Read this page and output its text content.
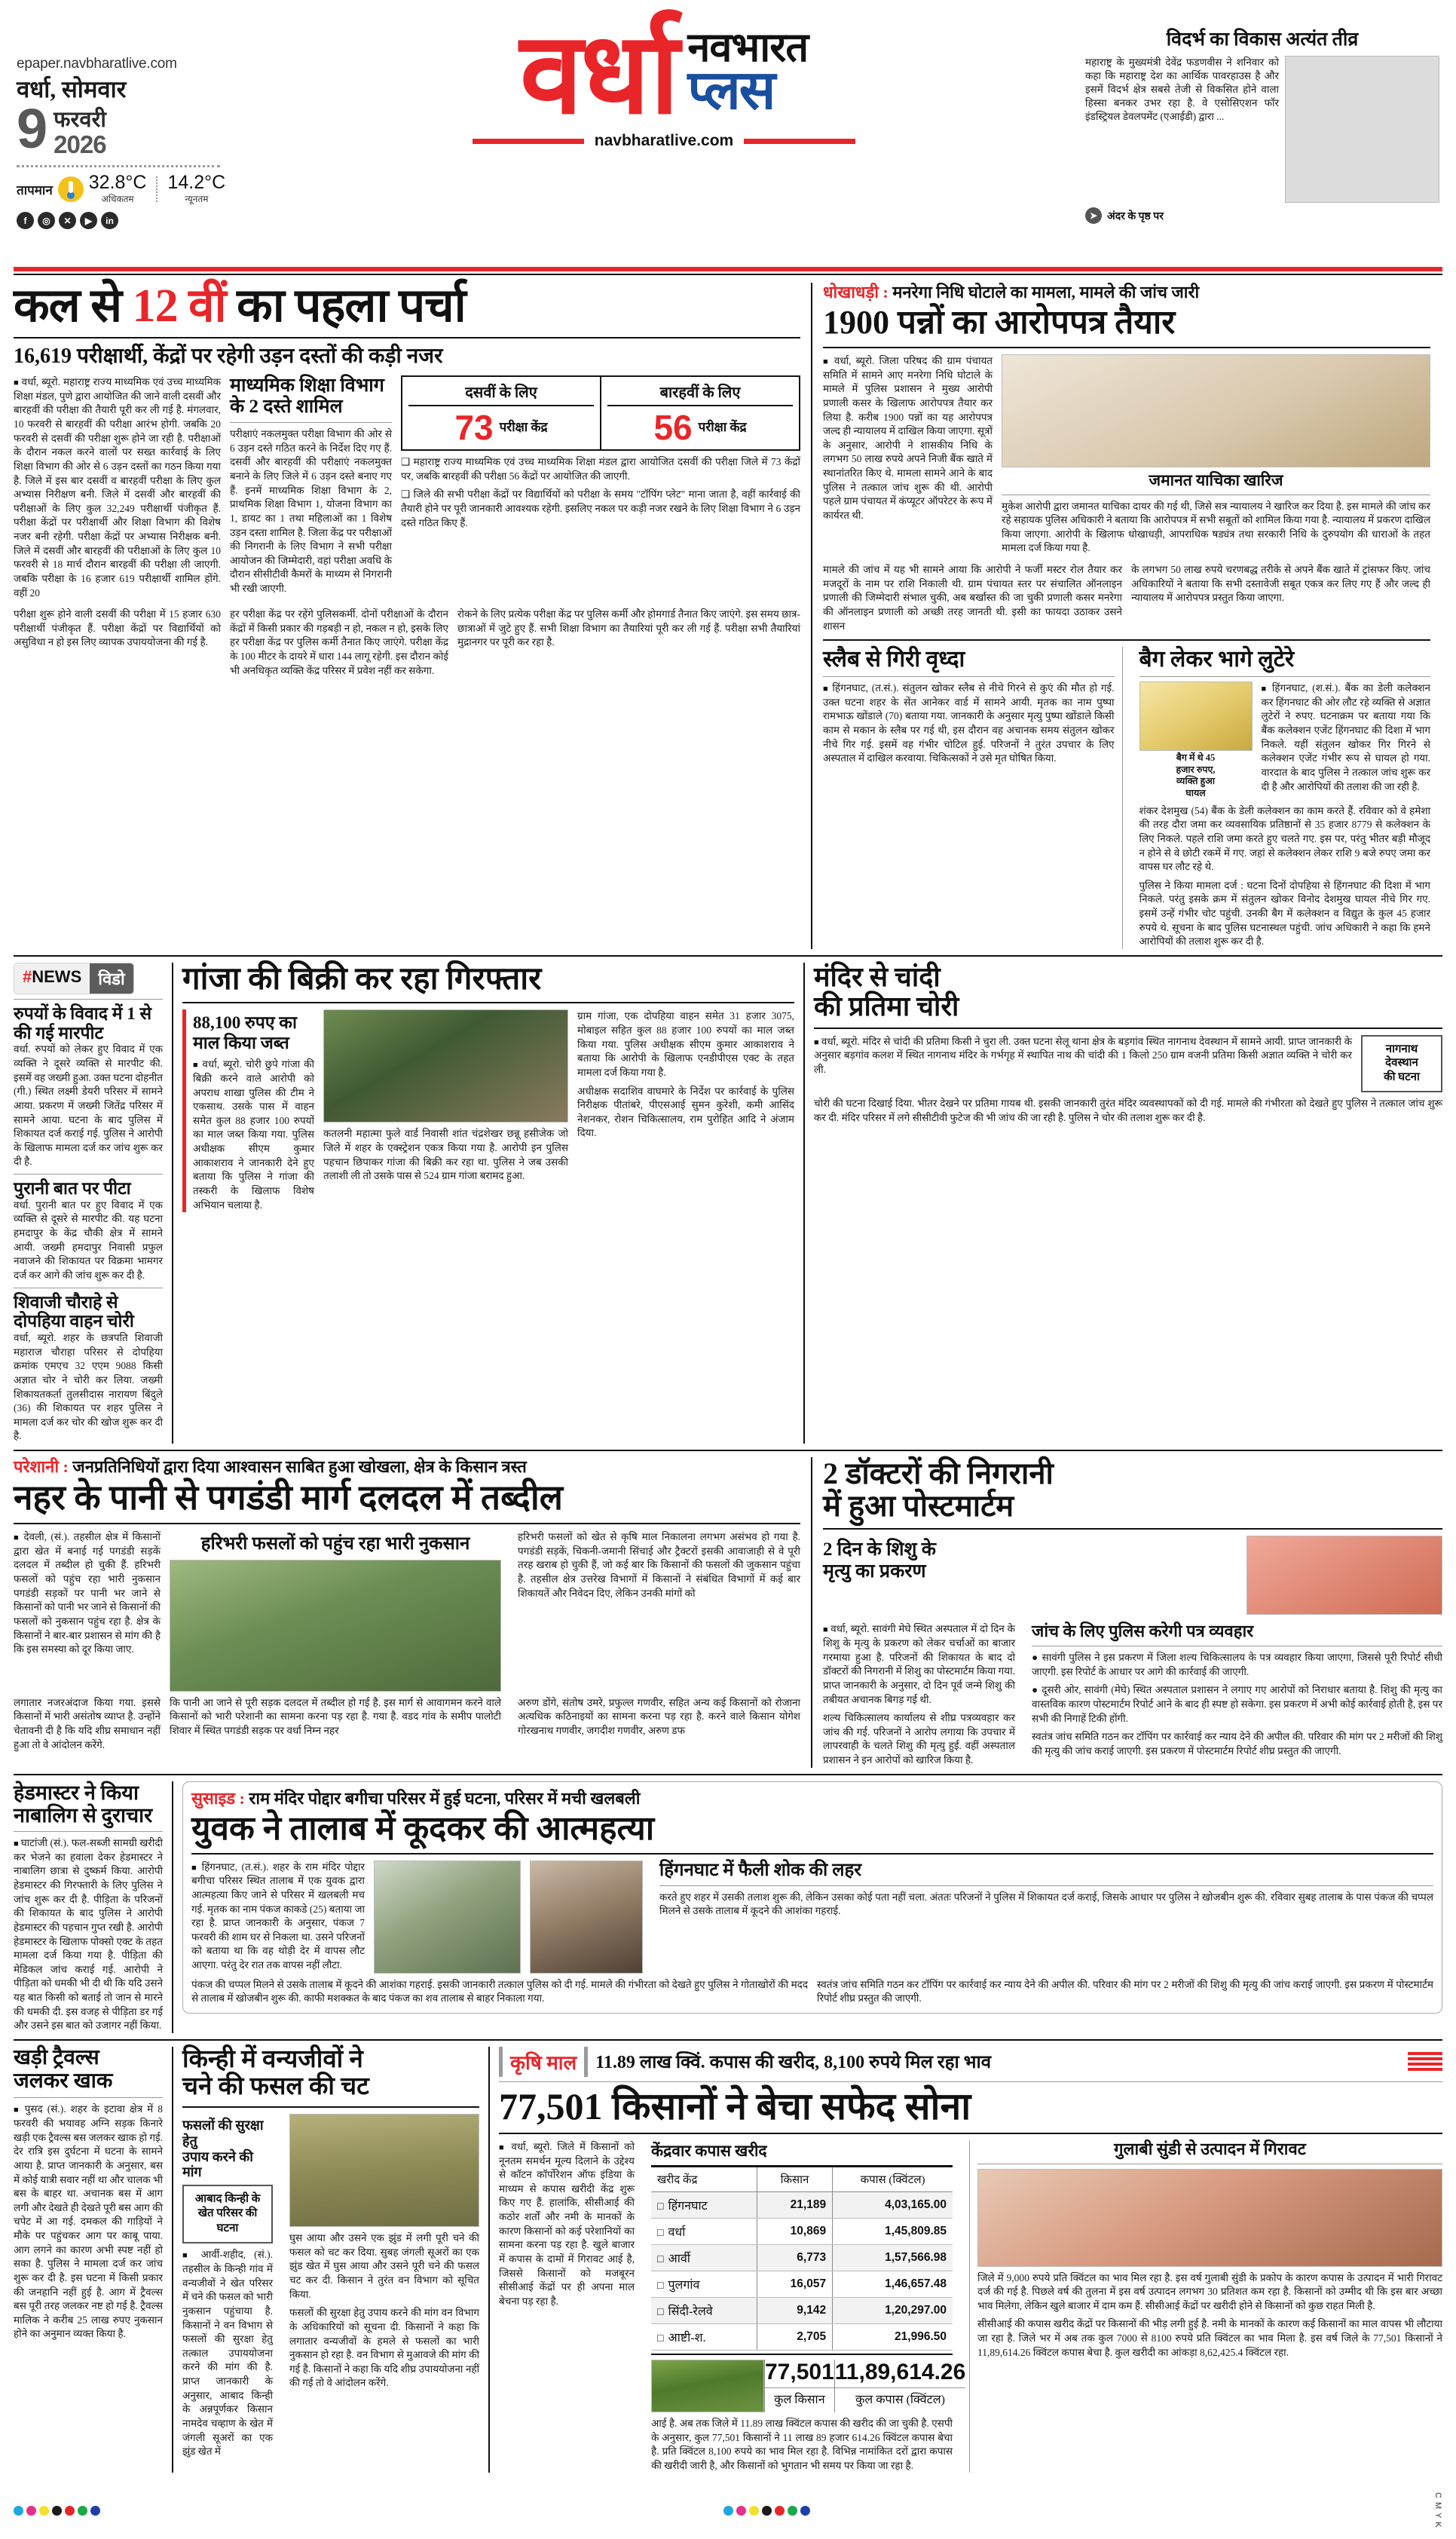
epaper.navbharatlive.com
वर्धा, सोमवार
9 फरवरी
2026
तापमान 32.8°C
अधिकतम
14.2°C
न्यूनतम
f	◎	✕	▶	in
वर्धा नवभारत
प्लस
navbharatlive.com
विदर्भ का विकास अत्यंत तीव्र
महाराष्ट्र के मुख्यमंत्री देवेंद्र फडणवीस ने शनिवार को कहा कि महाराष्ट्र देश का आर्थिक पावरहाउस है और इसमें विदर्भ क्षेत्र सबसे तेजी से विकसित होने वाला हिस्सा बनकर उभर रहा है. वे एसोसिएशन फॉर इंडस्ट्रियल डेवलपमेंट (एआईडी) द्वारा ...
➤ अंदर के पृष्ठ पर
कल से 12 वीं का पहला पर्चा
16,619 परीक्षार्थी, केंद्रों पर रहेगी उड़न दस्तों की कड़ी नजर
■ वर्धा, ब्यूरो. महाराष्ट्र राज्य माध्यमिक एवं उच्च माध्यमिक शिक्षा मंडल, पुणे द्वारा आयोजित की जाने वाली दसवीं और बारहवीं की परीक्षा की तैयारी पूरी कर ली गई है. मंगलवार, 10 फरवरी से बारहवीं की परीक्षा आरंभ होगी. जबकि 20 फरवरी से दसवीं की परीक्षा शुरू होने जा रही है. परीक्षाओं के दौरान नकल करने वालों पर सख्त कार्रवाई के लिए शिक्षा विभाग की ओर से 6 उड़न दस्तों का गठन किया गया है. जिले में इस बार दसवीं व बारहवीं परीक्षा के लिए कुल अभ्यास निरीक्षण बनी. जिले में दसवीं और बारहवीं की परीक्षाओं के लिए कुल 32,249 परीक्षार्थी पंजीकृत हैं. परीक्षा केंद्रों पर परीक्षार्थी और शिक्षा विभाग की विशेष नजर बनी रहेगी. परीक्षा केंद्रों पर अभ्यास निरीक्षक बनी. जिले में दसवीं और बारहवीं की परीक्षाओं के लिए कुल 10 फरवरी से 18 मार्च दौरान बारहवीं की परीक्षा ली जाएगी. जबकि परीक्षा के 16 हजार 619 परीक्षार्थी शामिल होंगे. वहीं 20
माध्यमिक शिक्षा विभाग के 2 दस्ते शामिल
परीक्षाएं नकलमुक्त परीक्षा विभाग की ओर से 6 उड़न दस्ते गठित करने के निर्देश दिए गए हैं. दसवीं और बारहवीं की परीक्षाएं नकलमुक्त बनाने के लिए जिले में 6 उड़न दस्ते बनाए गए हैं. इनमें माध्यमिक शिक्षा विभाग के 2, प्राथमिक शिक्षा विभाग 1, योजना विभाग का 1, डायट का 1 तथा महिलाओं का 1 विशेष उड़न दस्ता शामिल है. जिला केंद्र पर परीक्षाओं की निगरानी के लिए विभाग ने सभी परीक्षा आयोजन की जिम्मेदारी, वहां परीक्षा अवधि के दौरान सीसीटीवी कैमरों के माध्यम से निगरानी भी रखी जाएगी.
दसवीं के लिए
73 परीक्षा केंद्र
बारहवीं के लिए
56 परीक्षा केंद्र
❑ महाराष्ट्र राज्य माध्यमिक एवं उच्च माध्यमिक शिक्षा मंडल द्वारा आयोजित दसवीं की परीक्षा जिले में 73 केंद्रों पर, जबकि बारहवीं की परीक्षा 56 केंद्रों पर आयोजित की जाएगी.
❑ जिले की सभी परीक्षा केंद्रों पर विद्यार्थियों को परीक्षा के समय "टॉपिंग प्लेट" माना जाता है, वहीं कार्रवाई की तैयारी होने पर पूरी जानकारी आवश्यक रहेगी. इसलिए नकल पर कड़ी नजर रखने के लिए शिक्षा विभाग ने 6 उड़न दस्ते गठित किए हैं.
परीक्षा शुरू होने वाली दसवीं की परीक्षा में 15 हजार 630 परीक्षार्थी पंजीकृत हैं. परीक्षा केंद्रों पर विद्यार्थियों को असुविधा न हो इस लिए व्यापक उपाययोजना की गई है.
हर परीक्षा केंद्र पर रहेंगे पुलिसकर्मी. दोनों परीक्षाओं के दौरान केंद्रों में किसी प्रकार की गड़बड़ी न हो, नकल न हो, इसके लिए हर परीक्षा केंद्र पर पुलिस कर्मी तैनात किए जाएंगे. परीक्षा केंद्र के 100 मीटर के दायरे में धारा 144 लागू रहेगी. इस दौरान कोई भी अनधिकृत व्यक्ति केंद्र परिसर में प्रवेश नहीं कर सकेगा.
रोकने के लिए प्रत्येक परीक्षा केंद्र पर पुलिस कर्मी और होमगार्ड तैनात किए जाएंगे. इस समय छात्र-छात्राओं में जुटे हुए हैं. सभी शिक्षा विभाग का तैयारियां पूरी कर ली गई हैं. परीक्षा सभी तैयारियां मुद्रानगर पर पूरी कर रहा है.
धोखाधड़ी : मनरेगा निधि घोटाले का मामला, मामले की जांच जारी
1900 पन्नों का आरोपपत्र तैयार
■ वर्धा, ब्यूरो. जिला परिषद की ग्राम पंचायत समिति में सामने आए मनरेगा निधि घोटाले के मामले में पुलिस प्रशासन ने मुख्य आरोपी प्रणाली कसर के खिलाफ आरोपपत्र तैयार कर लिया है. करीब 1900 पन्नों का यह आरोपपत्र जल्द ही न्यायालय में दाखिल किया जाएगा. सूत्रों के अनुसार, आरोपी ने शासकीय निधि के लगभग 50 लाख रुपये अपने निजी बैंक खाते में स्थानांतरित किए थे. मामला सामने आने के बाद पुलिस ने तत्काल जांच शुरू की थी. आरोपी पहले ग्राम पंचायत में कंप्यूटर ऑपरेटर के रूप में कार्यरत थी.
जमानत याचिका खारिज
मुकेश आरोपी द्वारा जमानत याचिका दायर की गई थी, जिसे सत्र न्यायालय ने खारिज कर दिया है. इस मामले की जांच कर रहे सहायक पुलिस अधिकारी ने बताया कि आरोपपत्र में सभी सबूतों को शामिल किया गया है. न्यायालय में प्रकरण दाखिल किया जाएगा. आरोपी के खिलाफ धोखाधड़ी, आपराधिक षड्यंत्र तथा सरकारी निधि के दुरुपयोग की धाराओं के तहत मामला दर्ज किया गया है.
मामले की जांच में यह भी सामने आया कि आरोपी ने फर्जी मस्टर रोल तैयार कर मजदूरों के नाम पर राशि निकाली थी. ग्राम पंचायत स्तर पर संचालित ऑनलाइन प्रणाली की जिम्मेदारी संभाल चुकी, अब बर्खास्त की जा चुकी प्रणाली कसर मनरेगा की ऑनलाइन प्रणाली को अच्छी तरह जानती थी. इसी का फायदा उठाकर उसने शासन
के लगभग 50 लाख रुपये चरणबद्ध तरीके से अपने बैंक खाते में ट्रांसफर किए. जांच अधिकारियों ने बताया कि सभी दस्तावेजी सबूत एकत्र कर लिए गए हैं और जल्द ही न्यायालय में आरोपपत्र प्रस्तुत किया जाएगा.
स्लैब से गिरी वृध्दा
■ हिंगनघाट, (त.सं.). संतुलन खोकर स्लैब से नीचे गिरने से कुएं की मौत हो गई. उक्त घटना शहर के सेंत आनेकर वार्ड में सामने आयी. मृतक का नाम पुष्पा रामभाऊ खोंडाले (70) बताया गया. जानकारी के अनुसार मृत्यु पुष्पा खोंडाले किसी काम से मकान के स्लैब पर गई थी, इस दौरान वह अचानक समय संतुलन खोकर नीचे गिर गई. इसमें वह गंभीर चोटिल हुई. परिजनों ने तुरंत उपचार के लिए अस्पताल में दाखिल करवाया. चिकित्सकों ने उसे मृत घोषित किया.
बैग लेकर भागे लुटेरे
बैग में थे 45
हजार रुपए,
व्यक्ति हुआ
घायल
■ हिंगनघाट, (श.सं.). बैंक का डेली कलेक्शन कर हिंगनघाट की ओर लौट रहे व्यक्ति से अज्ञात लुटेरों ने रुपए. घटनाक्रम पर बताया गया कि बैंक कलेक्शन एजेंट हिंगनघाट की दिशा में भाग निकले. यहीं संतुलन खोकर गिर गिरने से कलेक्शन एजेंट गंभीर रूप से घायल हो गया. वारदात के बाद पुलिस ने तत्काल जांच शुरू कर दी है और आरोपियों की तलाश की जा रही है.
शंकर देशमुख (54) बैंक के डेली कलेक्शन का काम करते हैं. रविवार को वे हमेशा की तरह दौरा जमा कर व्यवसायिक प्रतिष्ठानों से 35 हजार 8779 से कलेक्शन के लिए निकले. पहले राशि जमा करते हुए चलते गए. इस पर, परंतु भीतर बड़ी मौजूद न होने से वे छोटी रकमें में गए. जहां से कलेक्शन लेकर राशि 9 बजे रुपए जमा कर वापस घर लौट रहे थे.
पुलिस ने किया मामला दर्ज : घटना दिनों दोपहिया से हिंगनघाट की दिशा में भाग निकले. परंतु इसके क्रम में संतुलन खोकर विनोद देशमुख घायल नीचे गिर गए. इसमें उन्हें गंभीर चोट पहुंची. उनकी बैग में कलेक्शन व विद्युत के कुल 45 हजार रुपये थे. सूचना के बाद पुलिस घटनास्थल पहुंची. जांच अधिकारी ने कहा कि हमने आरोपियों की तलाश शुरू कर दी है.
#NEWS	विडो
रुपयों के विवाद में 1 से की गई मारपीट
वर्धा. रुपयों को लेकर हुए विवाद में एक व्यक्ति ने दूसरे व्यक्ति से मारपीट की. इसमें वह जख्मी हुआ. उक्त घटना दोहनीत (गी.) स्थित लक्ष्मी डेयरी परिसर में सामने आया. प्रकरण में जख्मी जितेंद्र परिसर में सामने आया. घटना के बाद पुलिस में शिकायत दर्ज कराई गई. पुलिस ने आरोपी के खिलाफ मामला दर्ज कर जांच शुरू कर दी है.
पुरानी बात पर पीटा
वर्धा. पुरानी बात पर हुए विवाद में एक व्यक्ति से दूसरे से मारपीट की. यह घटना हमदापुर के केंद्र चौकी क्षेत्र में सामने आयी. जख्मी हमदापुर निवासी प्रफुल नवाजने की शिकायत पर विक्रमा भामगर दर्ज कर आगे की जांच शुरू कर दी है.
शिवाजी चौराहे से दोपहिया वाहन चोरी
वर्धा, ब्यूरो. शहर के छत्रपति शिवाजी महाराज चौराहा परिसर से दोपहिया क्रमांक एमएच 32 एएम 9088 किसी अज्ञात चोर ने चोरी कर लिया. जख्मी शिकायतकर्ता तुलसीदास नारायण बिंदुले (36) की शिकायत पर शहर पुलिस ने मामला दर्ज कर चोर की खोज शुरू कर दी है.
गांजा की बिक्री कर रहा गिरफ्तार
88,100 रुपए का माल किया जब्त
■ वर्धा, ब्यूरो. चोरी छुपे गांजा की बिक्री करने वाले आरोपी को अपराध शाखा पुलिस की टीम ने एकसाथ. उसके पास में वाहन समेत कुल 88 हजार 100 रुपयों का माल जब्त किया गया. पुलिस अधीक्षक सीएम कुमार आकाशराव ने जानकारी देने हुए बताया कि पुलिस ने गांजा की तस्करी के खिलाफ विशेष अभियान चलाया है.
कतलनी महात्मा फुले वार्ड निवासी शांत चंद्रशेखर छन्नू हसीजेक जो जिले में शहर के एक्स्ट्रेशन एकत्र किया गया है. आरोपी इन पुलिस पहचान छिपाकर गांजा की बिक्री कर रहा था. पुलिस ने जब उसकी तलाशी ली तो उसके पास से 524 ग्राम गांजा बरामद हुआ.
ग्राम गांजा, एक दोपहिया वाहन समेत 31 हजार 3075, मोबाइल सहित कुल 88 हजार 100 रुपयों का माल जब्त किया गया. पुलिस अधीक्षक सीएम कुमार आकाशराव ने बताया कि आरोपी के खिलाफ एनडीपीएस एक्ट के तहत मामला दर्ज किया गया है.
अधीक्षक सदाशिव वाघमारे के निर्देश पर कार्रवाई के पुलिस निरीक्षक पीतांबरे, पीएसआई सुमन कुरेशी, कमी आसिंद नेशनकर, रोशन चिकित्सालय, राम पुरोहित आदि ने अंजाम दिया.
मंदिर से चांदी
की प्रतिमा चोरी
■ वर्धा, ब्यूरो. मंदिर से चांदी की प्रतिमा किसी ने चुरा ली. उक्त घटना सेलू थाना क्षेत्र के बड़गांव स्थित नागनाथ देवस्थान में सामने आयी. प्राप्त जानकारी के अनुसार बड़गांव कलश में स्थित नागनाथ मंदिर के गर्भगृह में स्थापित नाथ की चांदी की 1 किलो 250 ग्राम वजनी प्रतिमा किसी अज्ञात व्यक्ति ने चोरी कर ली.
नागनाथ
देवस्थान
की घटना
चोरी की घटना दिखाई दिया. भीतर देखने पर प्रतिमा गायब थी. इसकी जानकारी तुरंत मंदिर व्यवस्थापकों को दी गई. मामले की गंभीरता को देखते हुए पुलिस ने तत्काल जांच शुरू कर दी. मंदिर परिसर में लगे सीसीटीवी फुटेज की भी जांच की जा रही है. पुलिस ने चोर की तलाश शुरू कर दी है.
परेशानी : जनप्रतिनिधियों द्वारा दिया आश्वासन साबित हुआ खोखला, क्षेत्र के किसान त्रस्त
नहर के पानी से पगडंडी मार्ग दलदल में तब्दील
■ देवली, (सं.). तहसील क्षेत्र में किसानों द्वारा खेत में बनाई गई पगडंडी सड़कें दलदल में तब्दील हो चुकी हैं. हरिभरी फसलों को पहुंच रहा भारी नुकसान पगडंडी सड़कों पर पानी भर जाने से किसानों को पानी भर जाने से किसानों की फसलों को नुकसान पहुंच रहा है. क्षेत्र के किसानों ने बार-बार प्रशासन से मांग की है कि इस समस्या को दूर किया जाए.
हरिभरी फसलों को पहुंच रहा भारी नुकसान	हरिभरी फसलों को खेत से कृषि माल निकालना लगभग असंभव हो गया है. पगडंडी सड़कें, चिकनी-जमानी सिंचाई और ट्रैक्टरों इसकी आवाजाही से वे पूरी तरह खराब हो चुकी हैं, जो कई बार कि किसानों की फसलों की जुकसान पहुंचा है. तहसील क्षेत्र उत्तरेख विभागों में किसानों ने संबंधित विभागों में कई बार शिकायतें और निवेदन दिए, लेकिन उनकी मांगों को
लगातार नजरअंदाज किया गया. इससे किसानों में भारी असंतोष व्याप्त है. उन्होंने चेतावनी दी है कि यदि शीघ्र समाधान नहीं हुआ तो वे आंदोलन करेंगे.
कि पानी आ जाने से पूरी सड़क दलदल में तब्दील हो गई है. इस मार्ग से आवागमन करने वाले किसानों को भारी परेशानी का सामना करना पड़ रहा है. गया है. वडद गांव के समीप पालोटी शिवार में स्थित पगडंडी सड़क पर वर्धा निम्न नहर
अरुण डोंगे, संतोष उमरे, प्रफुल्ल गणवीर, सहित अन्य कई किसानों को रोजाना अत्यधिक कठिनाइयों का सामना करना पड़ रहा है. करने वाले किसान योगेश गोरखनाथ गणवीर, जगदीश गणवीर, अरुण डफ
2 डॉक्टरों की निगरानी
में हुआ पोस्टमार्टम
2 दिन के शिशु के
मृत्यु का प्रकरण
■ वर्धा, ब्यूरो. सावंगी मेघे स्थित अस्पताल में दो दिन के शिशु के मृत्यु के प्रकरण को लेकर चर्चाओं का बाजार गरमाया हुआ है. परिजनों की शिकायत के बाद दो डॉक्टरों की निगरानी में शिशु का पोस्टमार्टम किया गया. प्राप्त जानकारी के अनुसार, दो दिन पूर्व जन्मे शिशु की तबीयत अचानक बिगड़ गई थी.
शल्य चिकित्सालय कार्यालय से शीघ्र पत्रव्यवहार कर जांच की गई. परिजनों ने आरोप लगाया कि उपचार में लापरवाही के चलते शिशु की मृत्यु हुई. वहीं अस्पताल प्रशासन ने इन आरोपों को खारिज किया है.
जांच के लिए पुलिस करेगी पत्र व्यवहार
● सावंगी पुलिस ने इस प्रकरण में जिला शल्य चिकित्सालय के पत्र व्यवहार किया जाएगा, जिससे पूरी रिपोर्ट सीधी जाएगी. इस रिपोर्ट के आधार पर आगे की कार्रवाई की जाएगी.
● दूसरी ओर, सावंगी (मेघे) स्थित अस्पताल प्रशासन ने लगाए गए आरोपों को निराधार बताया है. शिशु की मृत्यु का वास्तविक कारण पोस्टमार्टम रिपोर्ट आने के बाद ही स्पष्ट हो सकेगा. इस प्रकरण में अभी कोई कार्रवाई होती है, इस पर सभी की निगाहें टिकी होंगी.
स्वतंत्र जांच समिति गठन कर टॉपिंग पर कार्रवाई कर न्याय देने की अपील की. परिवार की मांग पर 2 मरीजों की शिशु की मृत्यु की जांच कराई जाएगी. इस प्रकरण में पोस्टमार्टम रिपोर्ट शीघ्र प्रस्तुत की जाएगी.
हेडमास्टर ने किया
नाबालिग से दुराचार
■ घाटांजी (सं.). फल-सब्जी सामग्री खरीदी कर भेजने का हवाला देकर हेडमास्टर ने नाबालिग छात्रा से दुष्कर्म किया. आरोपी हेडमास्टर की गिरफ्तारी के लिए पुलिस ने जांच शुरू कर दी है. पीड़िता के परिजनों की शिकायत के बाद पुलिस ने आरोपी हेडमास्टर की पहचान गुप्त रखी है. आरोपी हेडमास्टर के खिलाफ पोक्सो एक्ट के तहत मामला दर्ज किया गया है. पीड़िता की मेडिकल जांच कराई गई. आरोपी ने पीड़िता को धमकी भी दी थी कि यदि उसने यह बात किसी को बताई तो जान से मारने की धमकी दी. इस वजह से पीड़िता डर गई और उसने इस बात को उजागर नहीं किया.
सुसाइड : राम मंदिर पोद्दार बगीचा परिसर में हुई घटना, परिसर में मची खलबली
युवक ने तालाब में कूदकर की आत्महत्या
■ हिंगनघाट, (त.सं.). शहर के राम मंदिर पोद्दार बगीचा परिसर स्थित तालाब में एक युवक द्वारा आत्महत्या किए जाने से परिसर में खलबली मच गई. मृतक का नाम पंकज काकडे (25) बताया जा रहा है. प्राप्त जानकारी के अनुसार, पंकज 7 फरवरी की शाम घर से निकला था. उसने परिजनों को बताया था कि वह थोड़ी देर में वापस लौट आएगा. परंतु देर रात तक वापस नहीं लौटा.
हिंगनघाट में फैली शोक की लहर
करते हुए शहर में उसकी तलाश शुरू की, लेकिन उसका कोई पता नहीं चला. अंततः परिजनों ने पुलिस में शिकायत दर्ज कराई, जिसके आधार पर पुलिस ने खोजबीन शुरू की. रविवार सुबह तालाब के पास पंकज की चप्पल मिलने से उसके तालाब में कूदने की आशंका गहराई.
पंकज की चप्पल मिलने से उसके तालाब में कूदने की आशंका गहराई. इसकी जानकारी तत्काल पुलिस को दी गई. मामले की गंभीरता को देखते हुए पुलिस ने गोताखोरों की मदद से तालाब में खोजबीन शुरू की. काफी मशक्कत के बाद पंकज का शव तालाब से बाहर निकाला गया.
स्वतंत्र जांच समिति गठन कर टॉपिंग पर कार्रवाई कर न्याय देने की अपील की. परिवार की मांग पर 2 मरीजों की शिशु की मृत्यु की जांच कराई जाएगी. इस प्रकरण में पोस्टमार्टम रिपोर्ट शीघ्र प्रस्तुत की जाएगी.
खड़ी ट्रैवल्स
जलकर खाक
■ पुसद (सं.). शहर के इटावा क्षेत्र में 8 फरवरी की भयावह अग्नि सड़क किनारे खड़ी एक ट्रैवल्स बस जलकर खाक हो गई. देर रात्रि इस दुर्घटना में घटना के सामने आया है. प्राप्त जानकारी के अनुसार, बस में कोई यात्री सवार नहीं था और चालक भी बस के बाहर था. अचानक बस में आग लगी और देखते ही देखते पूरी बस आग की चपेट में आ गई. दमकल की गाड़ियों ने मौके पर पहुंचकर आग पर काबू पाया. आग लगने का कारण अभी स्पष्ट नहीं हो सका है. पुलिस ने मामला दर्ज कर जांच शुरू कर दी है. इस घटना में किसी प्रकार की जनहानि नहीं हुई है. आग में ट्रैवल्स बस पूरी तरह जलकर नष्ट हो गई है. ट्रैवल्स मालिक ने करीब 25 लाख रुपए नुकसान होने का अनुमान व्यक्त किया है.
किन्ही में वन्यजीवों ने
चने की फसल की चट
फसलों की सुरक्षा हेतु
उपाय करने की मांग
आबाद किन्ही के
खेत परिसर की
घटना
■ आर्वी-शहीद, (सं.). तहसील के किन्ही गांव में वन्यजीवों ने खेत परिसर में चने की फसल को भारी नुकसान पहुंचाया है. किसानों ने वन विभाग से फसलों की सुरक्षा हेतु तत्काल उपाययोजना करने की मांग की है. प्राप्त जानकारी के अनुसार, आबाद किन्ही के अन्नपूर्णकर किसान नामदेव चव्हाण के खेत में जंगली सूअरों का एक झुंड खेत में
घुस आया और उसने एक झुंड में लगी पूरी चने की फसल को चट कर दिया. सुबह जंगली सूअरों का एक झुंड खेत में घुस आया और उसने पूरी चने की फसल चट कर दी. किसान ने तुरंत वन विभाग को सूचित किया.
फसलों की सुरक्षा हेतु उपाय करने की मांग वन विभाग के अधिकारियों को सूचना दी. किसानों ने कहा कि लगातार वन्यजीवों के हमले से फसलों का भारी नुकसान हो रहा है. वन विभाग से मुआवजे की मांग की गई है. किसानों ने कहा कि यदि शीघ्र उपाययोजना नहीं की गई तो वे आंदोलन करेंगे.
कृषि माल	11.89 लाख क्विं. कपास की खरीद, 8,100 रुपये मिल रहा भाव
77,501 किसानों ने बेचा सफेद सोना
■ वर्धा, ब्यूरो. जिले में किसानों को नूनतम समर्थन मूल्य दिलाने के उद्देश्य से कॉटन कॉर्पोरेशन ऑफ इंडिया के माध्यम से कपास खरीदी केंद्र शुरू किए गए हैं. हालांकि, सीसीआई की कठोर शर्तों और नमी के मानकों के कारण किसानों को कई परेशानियों का सामना करना पड़ रहा है. खुले बाजार में कपास के दामों में गिरावट आई है, जिससे किसानों को मजबूरन सीसीआई केंद्रों पर ही अपना माल बेचना पड़ रहा है.
केंद्रवार कपास खरीद
खरीद केंद्र	किसान	कपास (क्विंटल)
□ हिंगनघाट	21,189	4,03,165.00
□ वर्धा	10,869	1,45,809.85
□ आर्वी	6,773	1,57,566.98
□ पुलगांव	16,057	1,46,657.48
□ सिंदी-रेलवे	9,142	1,20,297.00
□ आष्टी-श.	2,705	21,996.50
77,501
कुल किसान
11,89,614.26
कुल कपास (क्विंटल)
आई है. अब तक जिले में 11.89 लाख क्विंटल कपास की खरीद की जा चुकी है. एसपी के अनुसार, कुल 77,501 किसानों ने 11 लाख 89 हजार 614.26 क्विंटल कपास बेचा है. प्रति क्विंटल 8,100 रुपये का भाव मिल रहा है. विभिन्न नामांकित दरों द्वारा कपास की खरीदी जारी है, और किसानों को भुगतान भी समय पर किया जा रहा है.
गुलाबी सुंडी से उत्पादन में गिरावट
जिले में 9,000 रुपये प्रति क्विंटल का भाव मिल रहा है. इस वर्ष गुलाबी सुंडी के प्रकोप के कारण कपास के उत्पादन में भारी गिरावट दर्ज की गई है. पिछले वर्ष की तुलना में इस वर्ष उत्पादन लगभग 30 प्रतिशत कम रहा है. किसानों को उम्मीद थी कि इस बार अच्छा भाव मिलेगा, लेकिन खुले बाजार में दाम कम हैं. सीसीआई केंद्रों पर खरीदी होने से किसानों को कुछ राहत मिली है.
सीसीआई की कपास खरीद केंद्रों पर किसानों की भीड़ लगी हुई है. नमी के मानकों के कारण कई किसानों का माल वापस भी लौटाया जा रहा है. जिले भर में अब तक कुल 7000 से 8100 रुपये प्रति क्विंटल का भाव मिला है. इस वर्ष जिले के 77,501 किसानों ने 11,89,614.26 क्विंटल कपास बेचा है. कुल खरीदी का आंकड़ा 8,62,425.4 क्विंटल रहा.
C M Y K
